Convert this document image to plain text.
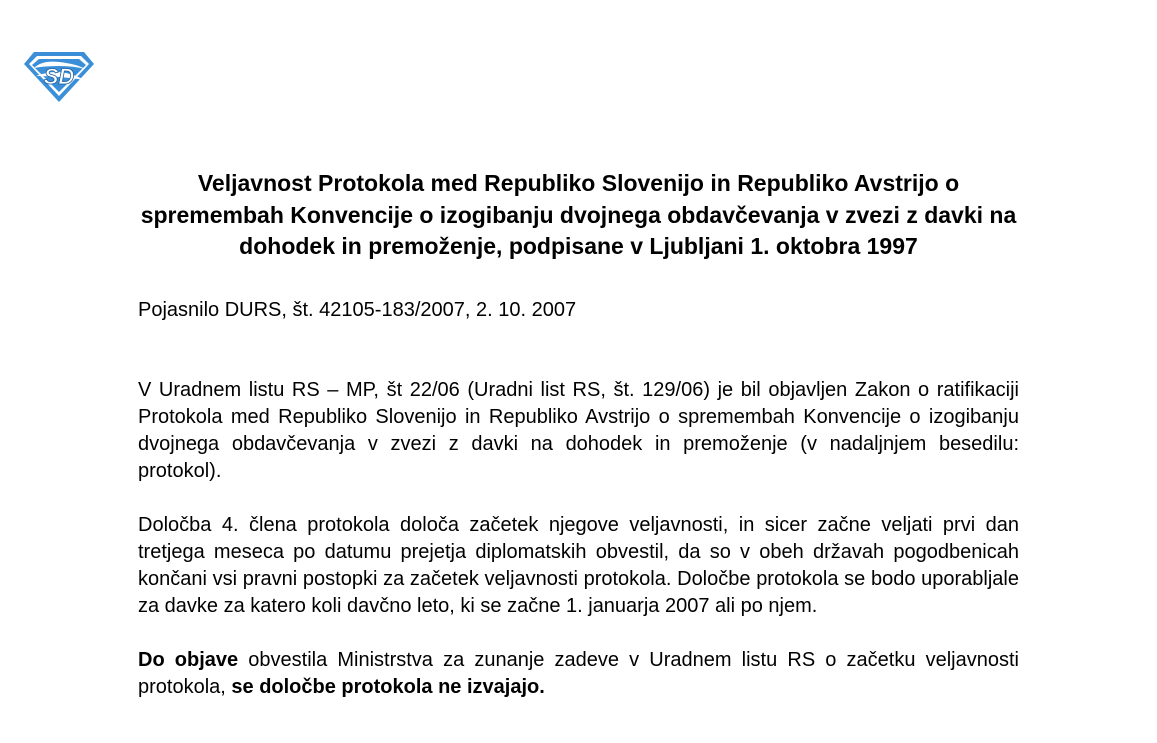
SD
Veljavnost Protokola med Republiko Slovenijo in Republiko Avstrijo o spremembah Konvencije o izogibanju dvojnega obdavčevanja v zvezi z davki na dohodek in premoženje, podpisane v Ljubljani 1. oktobra 1997

Pojasnilo DURS, št. 42105-183/2007, 2. 10. 2007

V Uradnem listu RS – MP, št 22/06 (Uradni list RS, št. 129/06) je bil objavljen Zakon o ratifikaciji Protokola med Republiko Slovenijo in Republiko Avstrijo o spremembah Konvencije o izogibanju dvojnega obdavčevanja v zvezi z davki na dohodek in premoženje (v nadaljnjem besedilu: protokol).

Določba 4. člena protokola določa začetek njegove veljavnosti, in sicer začne veljati prvi dan tretjega meseca po datumu prejetja diplomatskih obvestil, da so v obeh državah pogodbenicah končani vsi pravni postopki za začetek veljavnosti protokola. Določbe protokola se bodo uporabljale za davke za katero koli davčno leto, ki se začne 1. januarja 2007 ali po njem.

Do objave obvestila Ministrstva za zunanje zadeve v Uradnem listu RS o začetku veljavnosti protokola, se določbe protokola ne izvajajo.
